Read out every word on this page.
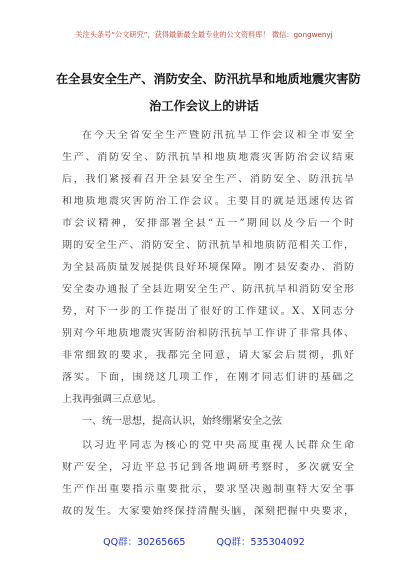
关注头条号“公文研究”，获得最新最全最专业的公文资料库！ 微信：gongwenyj
在全县安全生产、消防安全、防汛抗旱和地质地震灾害防
治工作会议上的讲话
在今天全省安全生产暨防汛抗旱工作会议和全市安全
生产、消防安全、防汛抗旱和地质地震灾害防治会议结束
后，我们紧接着召开全县安全生产、消防安全、防汛抗旱
和地质地震灾害防治工作会议。主要目的就是迅速传达省
市会议精神，安排部署全县“五一”期间以及今后一个时
期的安全生产、消防安全、防汛抗旱和地质防范相关工作，
为全县高质量发展提供良好环境保障。刚才县安委办、消防
安全委办通报了全县近期安全生产、防汛抗旱和消防安全形
势，对下一步的工作提出了很好的工作建议。X、X同志分
别对今年地质地震灾害防治和防汛抗旱工作讲了非常具体、
非常细致的要求，我都完全同意，请大家会后贯彻，抓好
落实。下面，围绕这几项工作，在刚才同志们讲的基础之
上我再强调三点意见。
一、统一思想，提高认识，始终绷紧安全之弦
以习近平同志为核心的党中央高度重视人民群众生命
财产安全，习近平总书记到各地调研考察时，多次就安全
生产作出重要指示重要批示，要求坚决遏制重特大安全事
故的发生。大家要始终保持清醒头脑，深刻把握中央要求，
QQ群：30265665	QQ群：535304092
